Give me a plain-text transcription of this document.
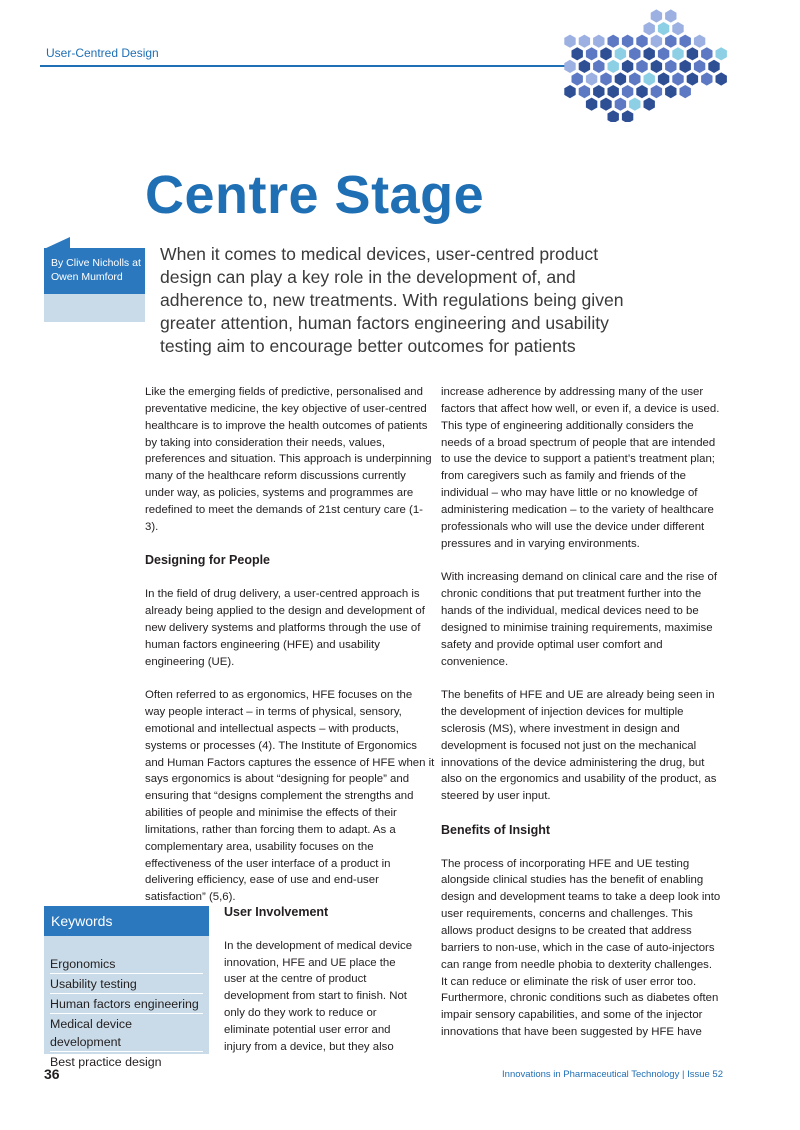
User-Centred Design
Centre Stage
By Clive Nicholls at
Owen Mumford

When it comes to medical devices, user-centred product design can play a key role in the development of, and adherence to, new treatments. With regulations being given greater attention, human factors engineering and usability testing aim to encourage better outcomes for patients

Like the emerging fields of predictive, personalised and preventative medicine, the key objective of user-centred healthcare is to improve the health outcomes of patients by taking into consideration their needs, values, preferences and situation. This approach is underpinning many of the healthcare reform discussions currently under way, as policies, systems and programmes are redefined to meet the demands of 21st century care (1-3).

Designing for People

In the field of drug delivery, a user-centred approach is already being applied to the design and development of new delivery systems and platforms through the use of human factors engineering (HFE) and usability engineering (UE).

Often referred to as ergonomics, HFE focuses on the way people interact – in terms of physical, sensory, emotional and intellectual aspects – with products, systems or processes (4). The Institute of Ergonomics and Human Factors captures the essence of HFE when it says ergonomics is about “designing for people” and ensuring that “designs complement the strengths and abilities of people and minimise the effects of their limitations, rather than forcing them to adapt. As a complementary area, usability focuses on the effectiveness of the user interface of a product in delivering efficiency, ease of use and end-user satisfaction” (5,6).

User Involvement

In the development of medical device innovation, HFE and UE place the user at the centre of product development from start to finish. Not only do they work to reduce or eliminate potential user error and injury from a device, but they also

increase adherence by addressing many of the user factors that affect how well, or even if, a device is used. This type of engineering additionally considers the needs of a broad spectrum of people that are intended to use the device to support a patient’s treatment plan; from caregivers such as family and friends of the individual – who may have little or no knowledge of administering medication – to the variety of healthcare professionals who will use the device under different pressures and in varying environments.

With increasing demand on clinical care and the rise of chronic conditions that put treatment further into the hands of the individual, medical devices need to be designed to minimise training requirements, maximise safety and provide optimal user comfort and convenience.

The benefits of HFE and UE are already being seen in the development of injection devices for multiple sclerosis (MS), where investment in design and development is focused not just on the mechanical innovations of the device administering the drug, but also on the ergonomics and usability of the product, as steered by user input.

Benefits of Insight

The process of incorporating HFE and UE testing alongside clinical studies has the benefit of enabling design and development teams to take a deep look into user requirements, concerns and challenges. This allows product designs to be created that address barriers to non-use, which in the case of auto-injectors can range from needle phobia to dexterity challenges. It can reduce or eliminate the risk of user error too. Furthermore, chronic conditions such as diabetes often impair sensory capabilities, and some of the injector innovations that have been suggested by HFE have

Keywords
Ergonomics
Usability testing
Human factors engineering
Medical device development
Best practice design
36	Innovations in Pharmaceutical Technology | Issue 52
